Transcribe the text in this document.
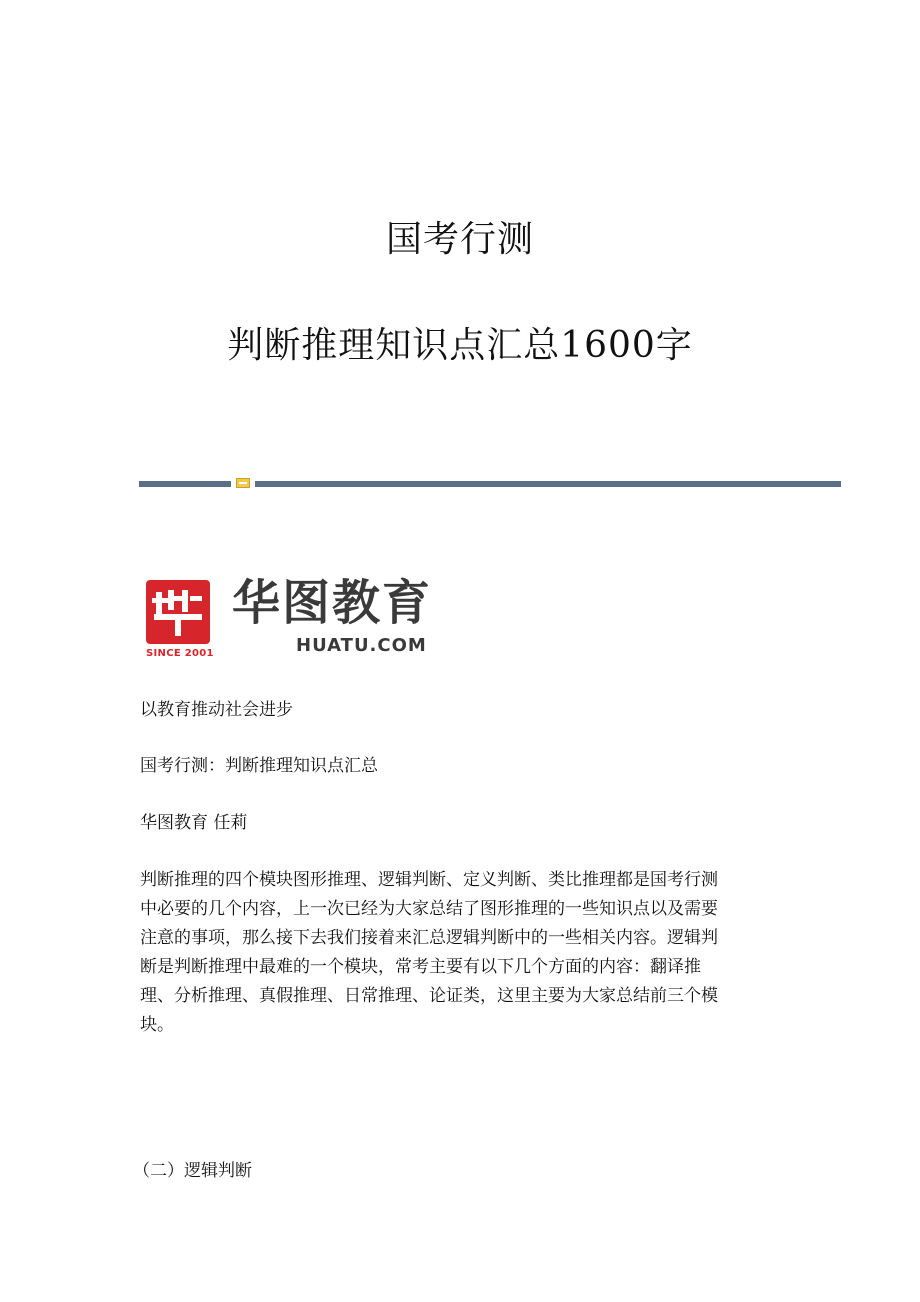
国考行测
判断推理知识点汇总1600字
SINCE 2001
华图教育
HUATU.COM

以教育推动社会进步

国考行测：判断推理知识点汇总

华图教育 任莉

判断推理的四个模块图形推理、逻辑判断、定义判断、类比推理都是国考行测
中必要的几个内容，上一次已经为大家总结了图形推理的一些知识点以及需要
注意的事项，那么接下去我们接着来汇总逻辑判断中的一些相关内容。逻辑判
断是判断推理中最难的一个模块，常考主要有以下几个方面的内容：翻译推
理、分析推理、真假推理、日常推理、论证类，这里主要为大家总结前三个模
块。

（二）逻辑判断
